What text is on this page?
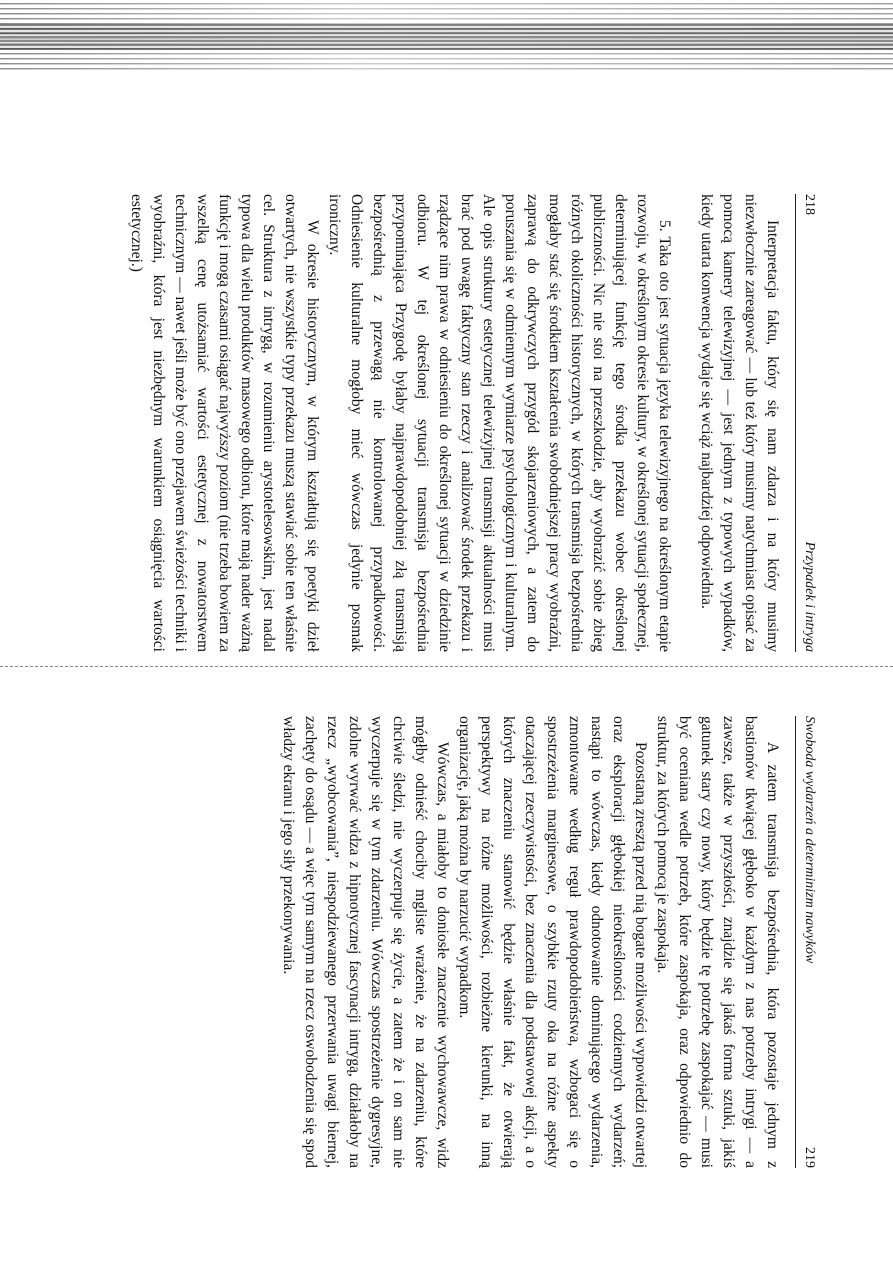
218
Przypadek i intryga

Interpretacja faktu, który się nam zdarza i na który musimy niezwłocznie zareagować — lub też który musimy natychmiast opisać za pomocą kamery telewizyjnej — jest jednym z typowych wypadków, kiedy utarta konwencja wydaje się wciąż najbardziej odpowiednia.

5. Taka oto jest sytuacja języka telewizyjnego na określonym etapie rozwoju, w określonym okresie kultury, w określonej sytuacji społecznej, determinującej funkcję tego środka przekazu wobec określonej publiczności. Nic nie stoi na przeszkodzie, aby wyobrazić sobie zbieg różnych okoliczności historycznych, w których transmisja bezpośrednia mogłaby stać się środkiem kształcenia swobodniejszej pracy wyobraźni, zaprawą do odkrywczych przygód skojarzeniowych, a zatem do poruszania się w odmiennym wymiarze psychologicznym i kulturalnym. Ale opis struktury estetycznej telewizyjnej transmisji aktualności musi brać pod uwagę faktyczny stan rzeczy i analizować środek przekazu i rządzące nim prawa w odniesieniu do określonej sytuacji w dziedzinie odbioru. W tej określonej sytuacji transmisja bezpośrednia przypominająca Przygodę byłaby najprawdopodobniej złą transmisją bezpośrednią z przewagą nie kontrolowanej przypadkowości. Odniesienie kulturalne mogłoby mieć wówczas jedynie posmak ironiczny.

W okresie historycznym, w którym kształtują się poetyki dzieł otwartych, nie wszystkie typy przekazu muszą stawiać sobie ten właśnie cel. Struktura z intrygą, w rozumieniu arystotelesowskim, jest nadal typowa dla wielu produktów masowego odbioru, które mają nader ważną funkcję i mogą czasami osiągać najwyższy poziom (nie trzeba bowiem za wszelką cenę utożsamiać wartości estetycznej z nowatorstwem technicznym — nawet jeśli może być ono przejawem świeżości techniki i wyobraźni, która jest niezbędnym warunkiem osiągnięcia wartości estetycznej.)

Swoboda wydarzeń a determinizm nawyków
219

A zatem transmisja bezpośrednia, która pozostaje jednym z bastionów tkwiącej głęboko w każdym z nas potrzeby intrygi — a zawsze, także w przyszłości, znajdzie się jakaś forma sztuki, jakiś gatunek stary czy nowy, który będzie tę potrzebę zaspokajać — musi być oceniana wedle potrzeb, które zaspokaja, oraz odpowiednio do struktur, za których pomocą je zaspokaja.

Pozostaną zresztą przed nią bogate możliwości wypowiedzi otwartej oraz eksploracji głębokiej nieokreśloności codziennych wydarzeń; nastąpi to wówczas, kiedy odnotowanie dominującego wydarzenia, zmontowane według reguł prawdopodobieństwa, wzbogaci się o spostrzeżenia marginesowe, o szybkie rzuty oka na różne aspekty otaczającej rzeczywistości, bez znaczenia dla podstawowej akcji, a o których znaczeniu stanowić będzie właśnie fakt, że otwierają perspektywy na różne możliwości, rozbieżne kierunki, na inną organizację, jaką można by narzucić wypadkom.

Wówczas, a miałoby to doniosłe znaczenie wychowawcze, widz mógłby odnieść chociby mgliste wrażenie, że na zdarzeniu, które chciwie śledzi, nie wyczerpuje się życie, a zatem że i on sam nie wyczerpuje się w tym zdarzeniu. Wówczas spostrzeżenie dygresyjne, zdolne wyrwać widza z hipnotycznej fascynacji intrygą, działałoby na rzecz „wyobcowania”, niespodziewanego przerwania uwagi biernej, zachęty do osądu — a więc tym samym na rzecz oswobodzenia się spod władzy ekranu i jego siły przekonywania.
